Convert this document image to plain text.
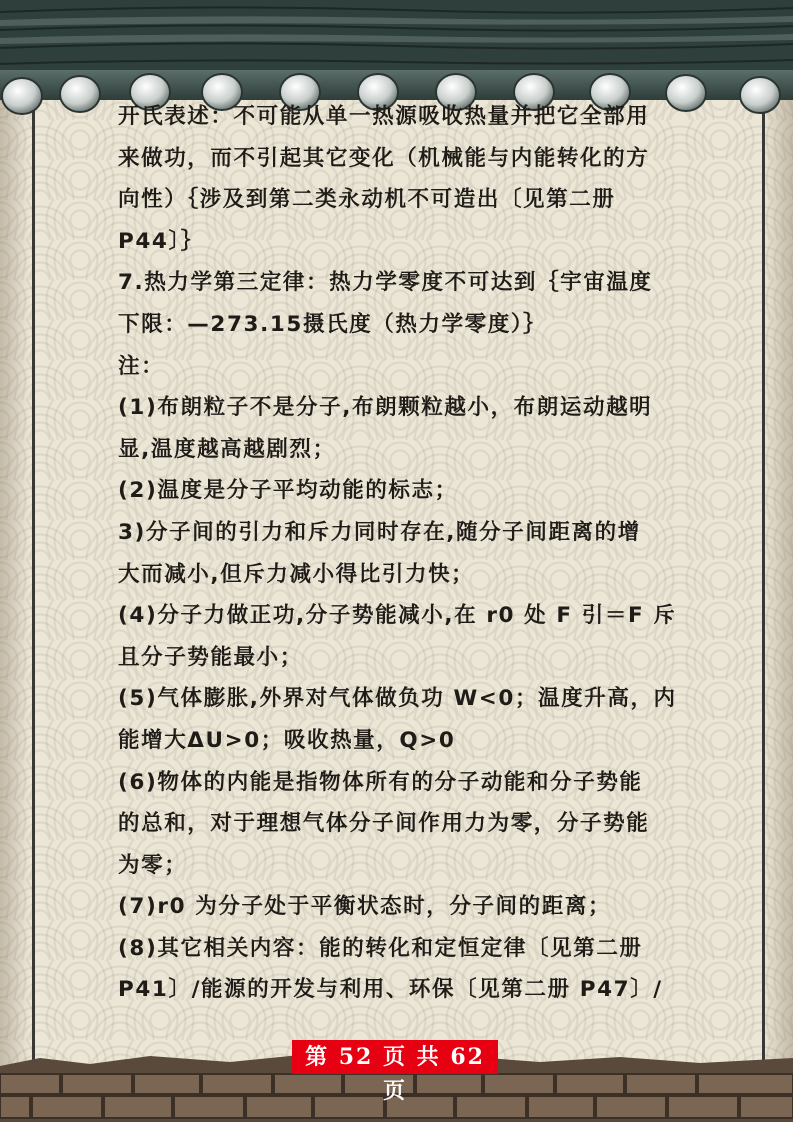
开氏表述：不可能从单一热源吸收热量并把它全部用
来做功，而不引起其它变化（机械能与内能转化的方
向性）｛涉及到第二类永动机不可造出〔见第二册
P44〕｝
7.热力学第三定律：热力学零度不可达到｛宇宙温度
下限：—273.15摄氏度（热力学零度）｝
注：
(1)布朗粒子不是分子,布朗颗粒越小，布朗运动越明
显,温度越高越剧烈；
(2)温度是分子平均动能的标志；
3)分子间的引力和斥力同时存在,随分子间距离的增
大而减小,但斥力减小得比引力快；
(4)分子力做正功,分子势能减小,在 r0 处 F 引＝F 斥
且分子势能最小；
(5)气体膨胀,外界对气体做负功 W<0；温度升高，内
能增大ΔU>0；吸收热量，Q>0
(6)物体的内能是指物体所有的分子动能和分子势能
的总和，对于理想气体分子间作用力为零，分子势能
为零；
(7)r0 为分子处于平衡状态时，分子间的距离；
(8)其它相关内容：能的转化和定恒定律〔见第二册
P41〕/能源的开发与利用、环保〔见第二册 P47〕/
第 52 页 共 62 页
